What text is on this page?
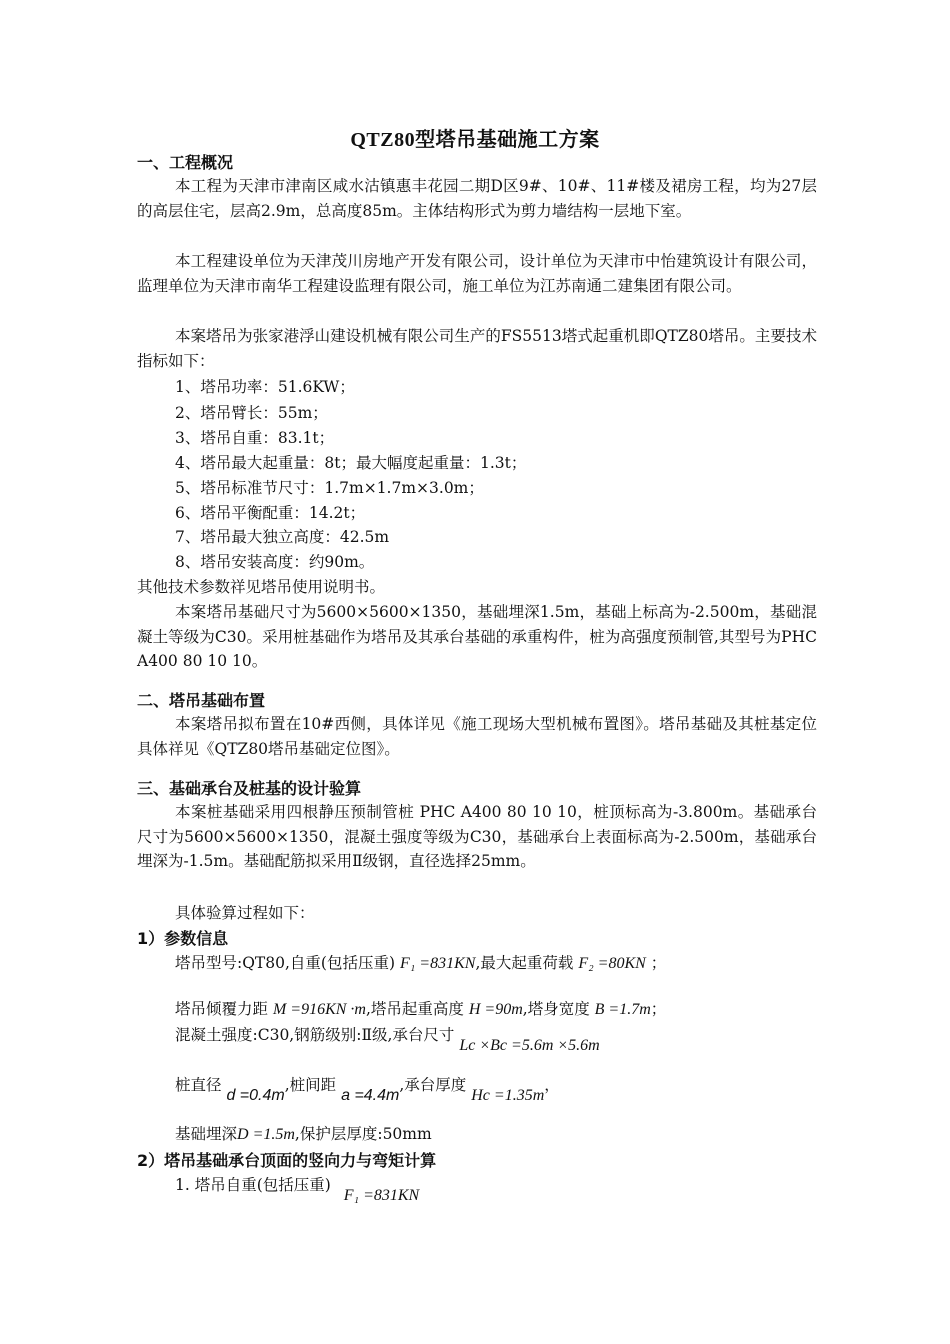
QTZ80型塔吊基础施工方案
一、工程概况
本工程为天津市津南区咸水沽镇惠丰花园二期D区9#、10#、11#楼及裙房工程，均为27层的高层住宅，层高2.9m，总高度85m。主体结构形式为剪力墙结构一层地下室。
本工程建设单位为天津茂川房地产开发有限公司，设计单位为天津市中怡建筑设计有限公司，监理单位为天津市南华工程建设监理有限公司，施工单位为江苏南通二建集团有限公司。
本案塔吊为张家港浮山建设机械有限公司生产的FS5513塔式起重机即QTZ80塔吊。主要技术指标如下：
1、塔吊功率：51.6KW；
2、塔吊臂长：55m；
3、塔吊自重：83.1t；
4、塔吊最大起重量：8t；最大幅度起重量：1.3t；
5、塔吊标准节尺寸：1.7m×1.7m×3.0m；
6、塔吊平衡配重：14.2t；
7、塔吊最大独立高度：42.5m
8、塔吊安装高度：约90m。
其他技术参数祥见塔吊使用说明书。
本案塔吊基础尺寸为5600×5600×1350，基础埋深1.5m，基础上标高为-2.500m，基础混凝土等级为C30。采用桩基础作为塔吊及其承台基础的承重构件，桩为高强度预制管,其型号为PHC A400 80 10 10。
二、塔吊基础布置
本案塔吊拟布置在10#西侧，具体详见《施工现场大型机械布置图》。塔吊基础及其桩基定位具体祥见《QTZ80塔吊基础定位图》。
三、基础承台及桩基的设计验算
本案桩基础采用四根静压预制管桩 PHC A400 80 10 10，桩顶标高为-3.800m。基础承台尺寸为5600×5600×1350，混凝土强度等级为C30，基础承台上表面标高为-2.500m，基础承台埋深为-1.5m。基础配筋拟采用Ⅱ级钢，直径选择25mm。
具体验算过程如下：
1）参数信息
塔吊型号:QT80,自重(包括压重) F₁ =831KN,最大起重荷载 F₂ =80KN ；
塔吊倾覆力距 M =916KN ·m,塔吊起重高度 H =90m,塔身宽度 B =1.7m；
混凝土强度:C30,钢筋级别:Ⅱ级,承台尺寸 Lc ×Bc =5.6m ×5.6m
桩直径 d =0.4m,桩间距 a =4.4m,承台厚度 Hc =1.35m，
基础埋深D =1.5m,保护层厚度:50mm
2）塔吊基础承台顶面的竖向力与弯矩计算
1. 塔吊自重(包括压重) F₁ =831KN
